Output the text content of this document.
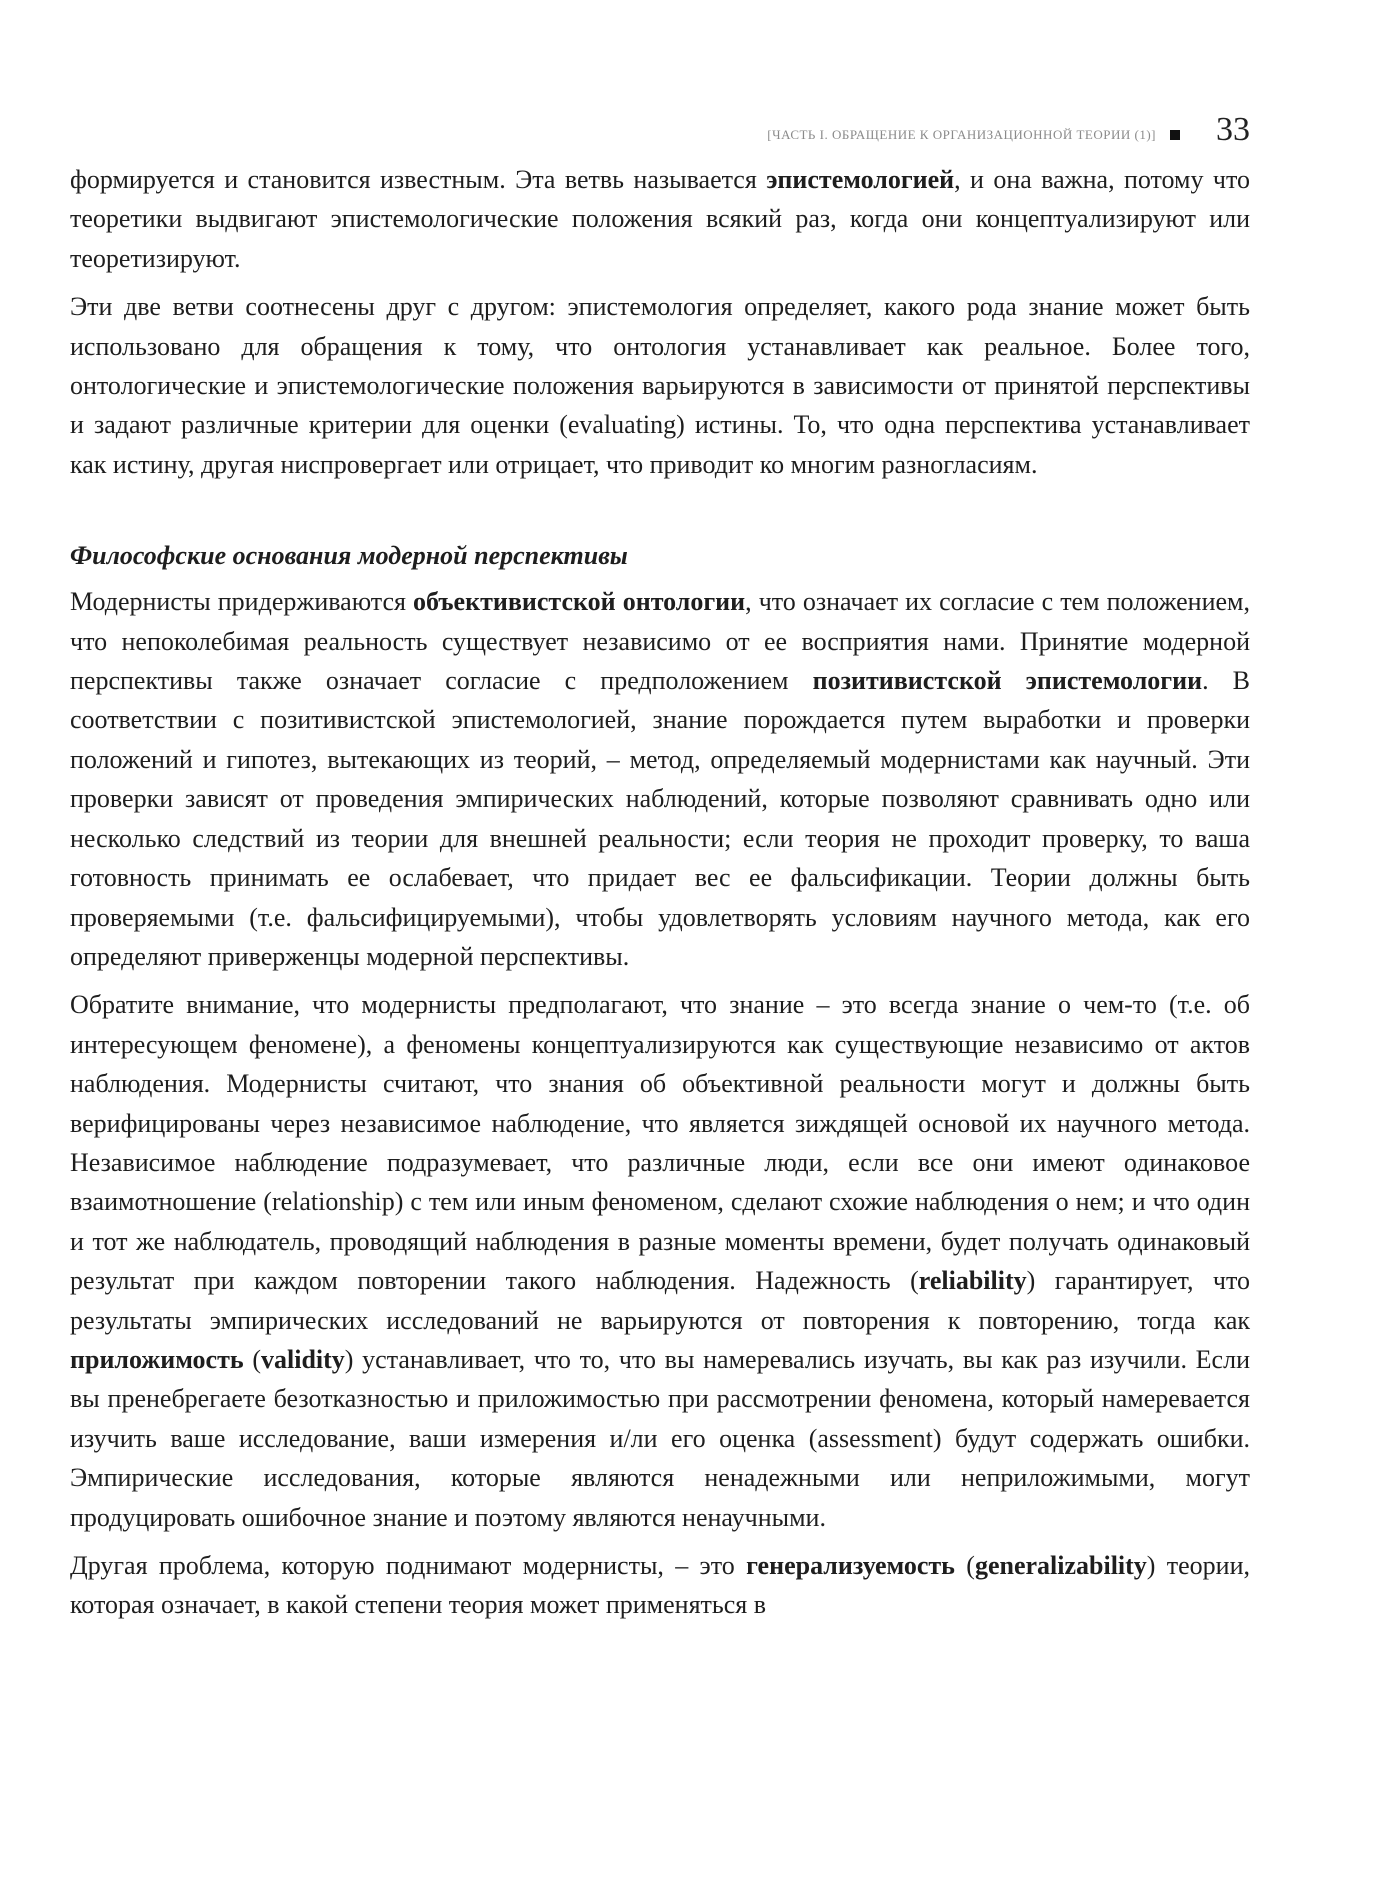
[ЧАСТЬ I. ОБРАЩЕНИЕ К ОРГАНИЗАЦИОННОЙ ТЕОРИИ (1)] 33

формируется и становится известным. Эта ветвь называется эпистемологией, и она важна, потому что теоретики выдвигают эпистемологические положения всякий раз, когда они концептуализируют или теоретизируют.

Эти две ветви соотнесены друг с другом: эпистемология определяет, какого рода знание может быть использовано для обращения к тому, что онтология устанавливает как реальное. Более того, онтологические и эпистемологические положения варьируются в зависимости от принятой перспективы и задают различные критерии для оценки (evaluating) истины. То, что одна перспектива устанавливает как истину, другая ниспровергает или отрицает, что приводит ко многим разногласиям.

Философские основания модерной перспективы

Модернисты придерживаются объективистской онтологии, что означает их согласие с тем положением, что непоколебимая реальность существует независимо от ее восприятия нами. Принятие модерной перспективы также означает согласие с предположением позитивистской эпистемологии. В соответствии с позитивистской эпистемологией, знание порождается путем выработки и проверки положений и гипотез, вытекающих из теорий, – метод, определяемый модернистами как научный. Эти проверки зависят от проведения эмпирических наблюдений, которые позволяют сравнивать одно или несколько следствий из теории для внешней реальности; если теория не проходит проверку, то ваша готовность принимать ее ослабевает, что придает вес ее фальсификации. Теории должны быть проверяемыми (т.е. фальсифицируемыми), чтобы удовлетворять условиям научного метода, как его определяют приверженцы модерной перспективы.

Обратите внимание, что модернисты предполагают, что знание – это всегда знание о чем-то (т.е. об интересующем феномене), а феномены концептуализируются как существующие независимо от актов наблюдения. Модернисты считают, что знания об объективной реальности могут и должны быть верифицированы через независимое наблюдение, что является зиждящей основой их научного метода. Независимое наблюдение подразумевает, что различные люди, если все они имеют одинаковое взаимотношение (relationship) с тем или иным феноменом, сделают схожие наблюдения о нем; и что один и тот же наблюдатель, проводящий наблюдения в разные моменты времени, будет получать одинаковый результат при каждом повторении такого наблюдения. Надежность (reliability) гарантирует, что результаты эмпирических исследований не варьируются от повторения к повторению, тогда как приложимость (validity) устанавливает, что то, что вы намеревались изучать, вы как раз изучили. Если вы пренебрегаете безотказностью и приложимостью при рассмотрении феномена, который намеревается изучить ваше исследование, ваши измерения и/ли его оценка (assessment) будут содержать ошибки. Эмпирические исследования, которые являются ненадежными или неприложимыми, могут продуцировать ошибочное знание и поэтому являются ненаучными.

Другая проблема, которую поднимают модернисты, – это генерализуемость (generalizability) теории, которая означает, в какой степени теория может применяться в
